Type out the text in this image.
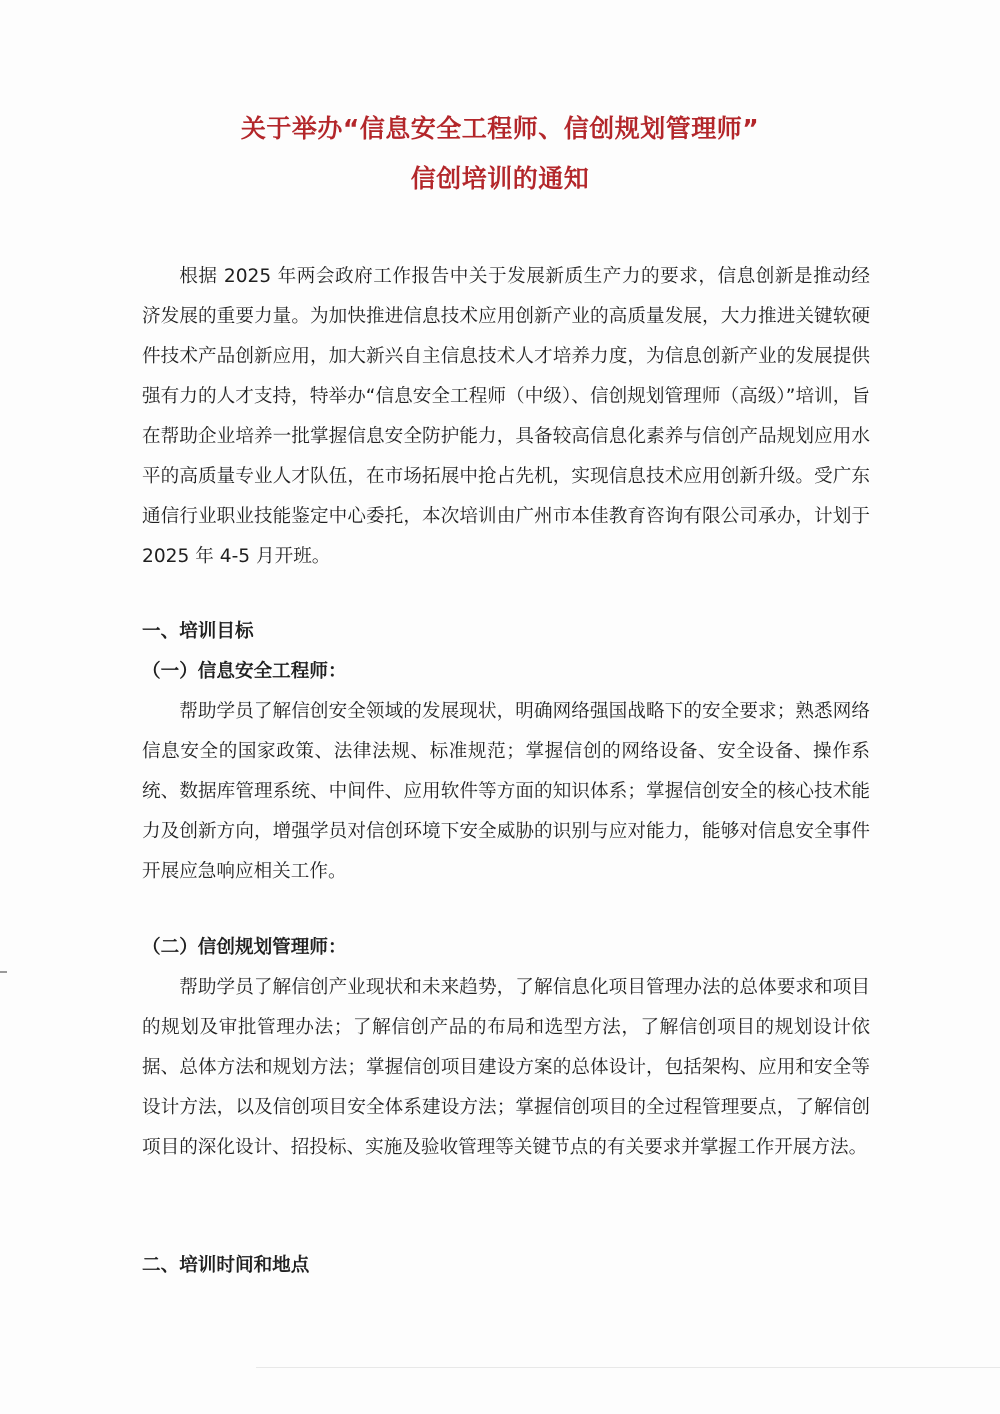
关于举办“信息安全工程师、信创规划管理师”
信创培训的通知

根据 2025 年两会政府工作报告中关于发展新质生产力的要求，信息创新是推动经济发展的重要力量。为加快推进信息技术应用创新产业的高质量发展，大力推进关键软硬件技术产品创新应用，加大新兴自主信息技术人才培养力度，为信息创新产业的发展提供强有力的人才支持，特举办“信息安全工程师（中级）、信创规划管理师（高级）”培训，旨在帮助企业培养一批掌握信息安全防护能力，具备较高信息化素养与信创产品规划应用水平的高质量专业人才队伍，在市场拓展中抢占先机，实现信息技术应用创新升级。受广东通信行业职业技能鉴定中心委托，本次培训由广州市本佳教育咨询有限公司承办，计划于 2025 年 4-5 月开班。

一、培训目标

（一）信息安全工程师：

帮助学员了解信创安全领域的发展现状，明确网络强国战略下的安全要求；熟悉网络信息安全的国家政策、法律法规、标准规范；掌握信创的网络设备、安全设备、操作系统、数据库管理系统、中间件、应用软件等方面的知识体系；掌握信创安全的核心技术能力及创新方向，增强学员对信创环境下安全威胁的识别与应对能力，能够对信息安全事件开展应急响应相关工作。

（二）信创规划管理师：

帮助学员了解信创产业现状和未来趋势，了解信息化项目管理办法的总体要求和项目的规划及审批管理办法；了解信创产品的布局和选型方法，了解信创项目的规划设计依据、总体方法和规划方法；掌握信创项目建设方案的总体设计，包括架构、应用和安全等设计方法，以及信创项目安全体系建设方法；掌握信创项目的全过程管理要点，了解信创项目的深化设计、招投标、实施及验收管理等关键节点的有关要求并掌握工作开展方法。

二、培训时间和地点
